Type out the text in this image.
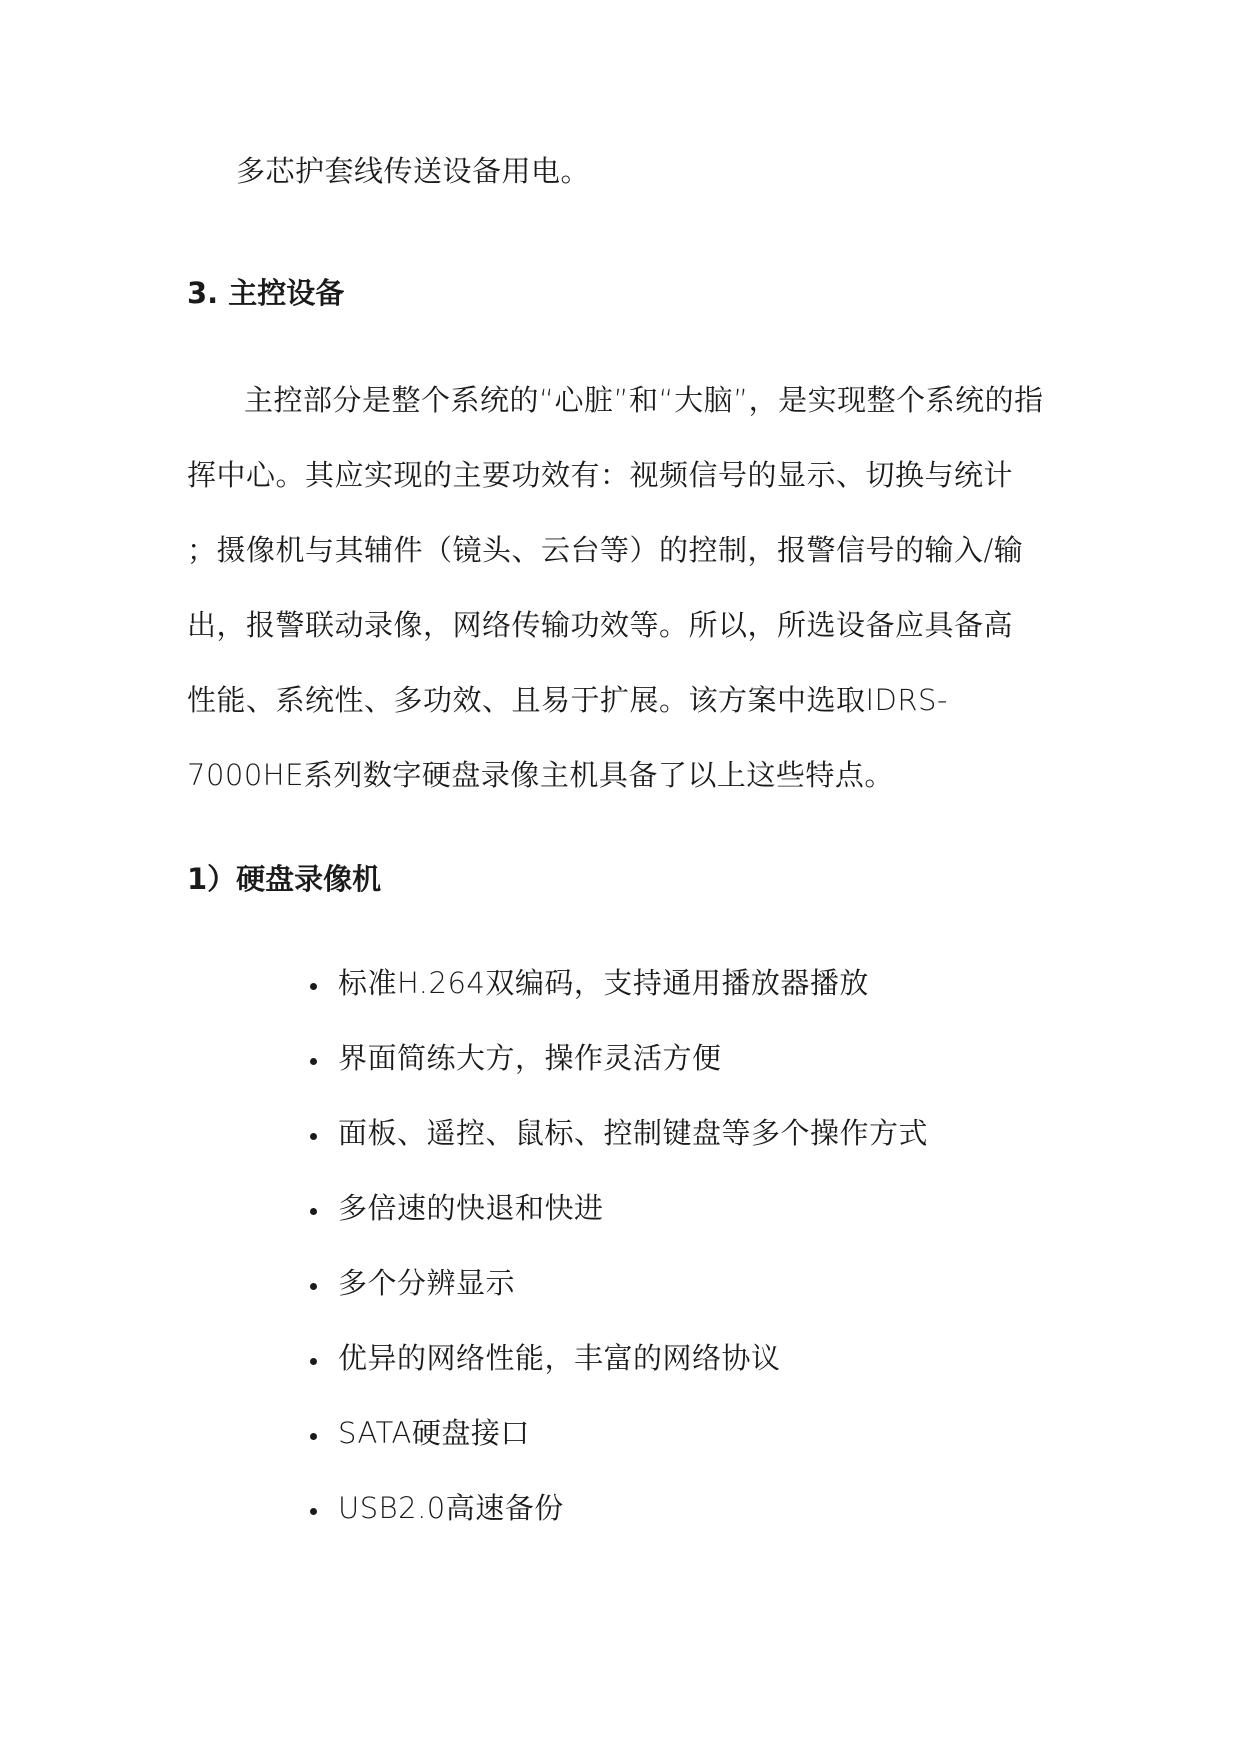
多芯护套线传送设备用电。
3. 主控设备
主控部分是整个系统的“心脏”和“大脑”，是实现整个系统的指
挥中心。其应实现的主要功效有：视频信号的显示、切换与统计
；摄像机与其辅件（镜头、云台等）的控制，报警信号的输入/输
出，报警联动录像，网络传输功效等。所以，所选设备应具备高
性能、系统性、多功效、且易于扩展。该方案中选取IDRS-
7000HE系列数字硬盘录像主机具备了以上这些特点。
1）硬盘录像机
标准H.264双编码，支持通用播放器播放
界面简练大方，操作灵活方便
面板、遥控、鼠标、控制键盘等多个操作方式
多倍速的快退和快进
多个分辨显示
优异的网络性能，丰富的网络协议
SATA硬盘接口
USB2.0高速备份
